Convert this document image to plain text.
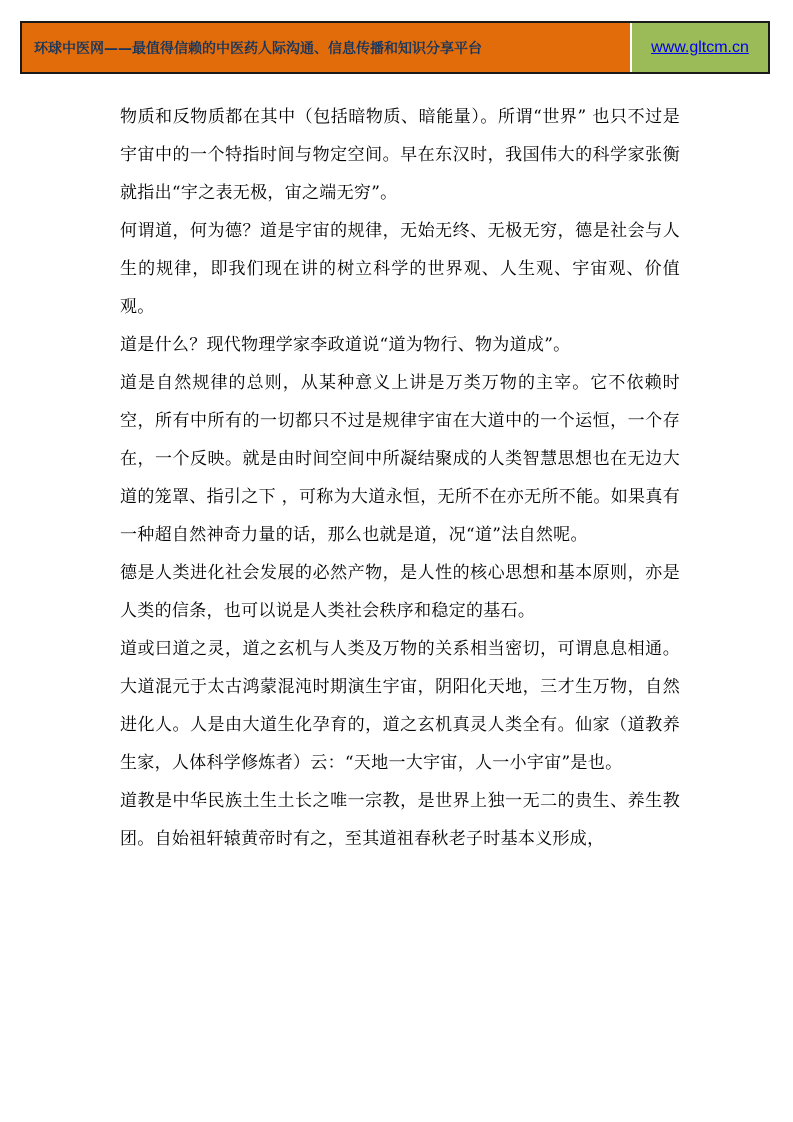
环球中医网——最值得信赖的中医药人际沟通、信息传播和知识分享平台	www.gltcm.cn

物质和反物质都在其中（包括暗物质、暗能量）。所谓“世界” 也只不过是宇宙中的一个特指时间与物定空间。早在东汉时，我国伟大的科学家张衡就指出“宇之表无极，宙之端无穷”。

何谓道，何为德？道是宇宙的规律，无始无终、无极无穷，德是社会与人生的规律，即我们现在讲的树立科学的世界观、人生观、宇宙观、价值观。

道是什么？现代物理学家李政道说“道为物行、物为道成”。

道是自然规律的总则，从某种意义上讲是万类万物的主宰。它不依赖时空，所有中所有的一切都只不过是规律宇宙在大道中的一个运恒，一个存在，一个反映。就是由时间空间中所凝结聚成的人类智慧思想也在无边大道的笼罩、指引之下 ，可称为大道永恒，无所不在亦无所不能。如果真有一种超自然神奇力量的话，那么也就是道，况“道”法自然呢。

德是人类进化社会发展的必然产物，是人性的核心思想和基本原则，亦是人类的信条，也可以说是人类社会秩序和稳定的基石。

道或曰道之灵，道之玄机与人类及万物的关系相当密切，可谓息息相通。大道混元于太古鸿蒙混沌时期演生宇宙，阴阳化天地，三才生万物，自然进化人。人是由大道生化孕育的，道之玄机真灵人类全有。仙家（道教养生家，人体科学修炼者）云：“天地一大宇宙，人一小宇宙”是也。

道教是中华民族土生土长之唯一宗教，是世界上独一无二的贵生、养生教团。自始祖轩辕黄帝时有之，至其道祖春秋老子时基本义形成，
